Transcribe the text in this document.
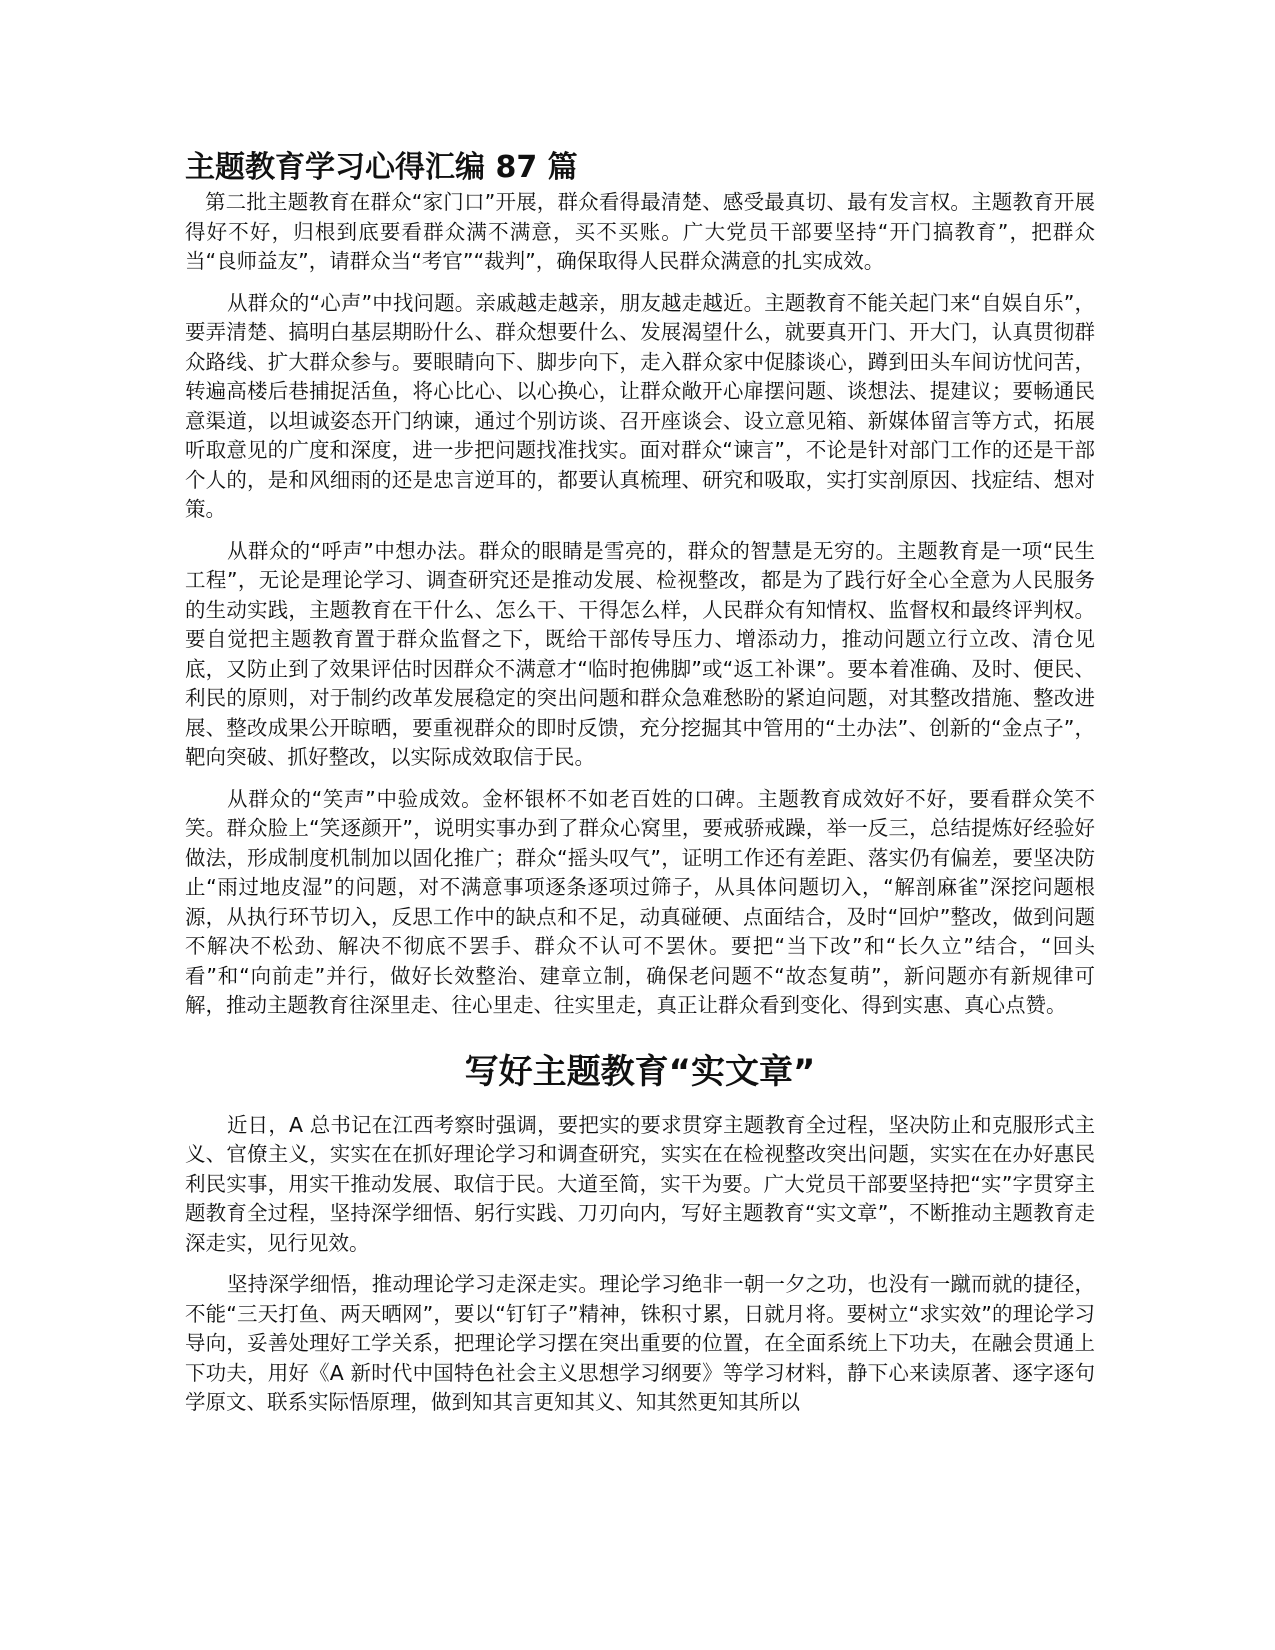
主题教育学习心得汇编 87 篇

第二批主题教育在群众“家门口”开展，群众看得最清楚、感受最真切、最有发言权。主题教育开展得好不好，归根到底要看群众满不满意，买不买账。广大党员干部要坚持“开门搞教育”，把群众当“良师益友”，请群众当“考官”“裁判”，确保取得人民群众满意的扎实成效。

从群众的“心声”中找问题。亲戚越走越亲，朋友越走越近。主题教育不能关起门来“自娱自乐”，要弄清楚、搞明白基层期盼什么、群众想要什么、发展渴望什么，就要真开门、开大门，认真贯彻群众路线、扩大群众参与。要眼睛向下、脚步向下，走入群众家中促膝谈心，蹲到田头车间访忧问苦，转遍高楼后巷捕捉活鱼，将心比心、以心换心，让群众敞开心扉摆问题、谈想法、提建议；要畅通民意渠道，以坦诚姿态开门纳谏，通过个别访谈、召开座谈会、设立意见箱、新媒体留言等方式，拓展听取意见的广度和深度，进一步把问题找准找实。面对群众“谏言”，不论是针对部门工作的还是干部个人的，是和风细雨的还是忠言逆耳的，都要认真梳理、研究和吸取，实打实剖原因、找症结、想对策。

从群众的“呼声”中想办法。群众的眼睛是雪亮的，群众的智慧是无穷的。主题教育是一项“民生工程”，无论是理论学习、调查研究还是推动发展、检视整改，都是为了践行好全心全意为人民服务的生动实践，主题教育在干什么、怎么干、干得怎么样，人民群众有知情权、监督权和最终评判权。要自觉把主题教育置于群众监督之下，既给干部传导压力、增添动力，推动问题立行立改、清仓见底，又防止到了效果评估时因群众不满意才“临时抱佛脚”或“返工补课”。要本着准确、及时、便民、利民的原则，对于制约改革发展稳定的突出问题和群众急难愁盼的紧迫问题，对其整改措施、整改进展、整改成果公开晾晒，要重视群众的即时反馈，充分挖掘其中管用的“土办法”、创新的“金点子”，靶向突破、抓好整改，以实际成效取信于民。

从群众的“笑声”中验成效。金杯银杯不如老百姓的口碑。主题教育成效好不好，要看群众笑不笑。群众脸上“笑逐颜开”，说明实事办到了群众心窝里，要戒骄戒躁，举一反三，总结提炼好经验好做法，形成制度机制加以固化推广；群众“摇头叹气”，证明工作还有差距、落实仍有偏差，要坚决防止“雨过地皮湿”的问题，对不满意事项逐条逐项过筛子，从具体问题切入，“解剖麻雀”深挖问题根源，从执行环节切入，反思工作中的缺点和不足，动真碰硬、点面结合，及时“回炉”整改，做到问题不解决不松劲、解决不彻底不罢手、群众不认可不罢休。要把“当下改”和“长久立”结合，“回头看”和“向前走”并行，做好长效整治、建章立制，确保老问题不“故态复萌”，新问题亦有新规律可解，推动主题教育往深里走、往心里走、往实里走，真正让群众看到变化、得到实惠、真心点赞。

写好主题教育“实文章”

近日，A 总书记在江西考察时强调，要把实的要求贯穿主题教育全过程，坚决防止和克服形式主义、官僚主义，实实在在抓好理论学习和调查研究，实实在在检视整改突出问题，实实在在办好惠民利民实事，用实干推动发展、取信于民。大道至简，实干为要。广大党员干部要坚持把“实”字贯穿主题教育全过程，坚持深学细悟、躬行实践、刀刃向内，写好主题教育“实文章”，不断推动主题教育走深走实，见行见效。

坚持深学细悟，推动理论学习走深走实。理论学习绝非一朝一夕之功，也没有一蹴而就的捷径，不能“三天打鱼、两天晒网”，要以“钉钉子”精神，铢积寸累，日就月将。要树立“求实效”的理论学习导向，妥善处理好工学关系，把理论学习摆在突出重要的位置，在全面系统上下功夫，在融会贯通上下功夫，用好《A 新时代中国特色社会主义思想学习纲要》等学习材料，静下心来读原著、逐字逐句学原文、联系实际悟原理，做到知其言更知其义、知其然更知其所以
